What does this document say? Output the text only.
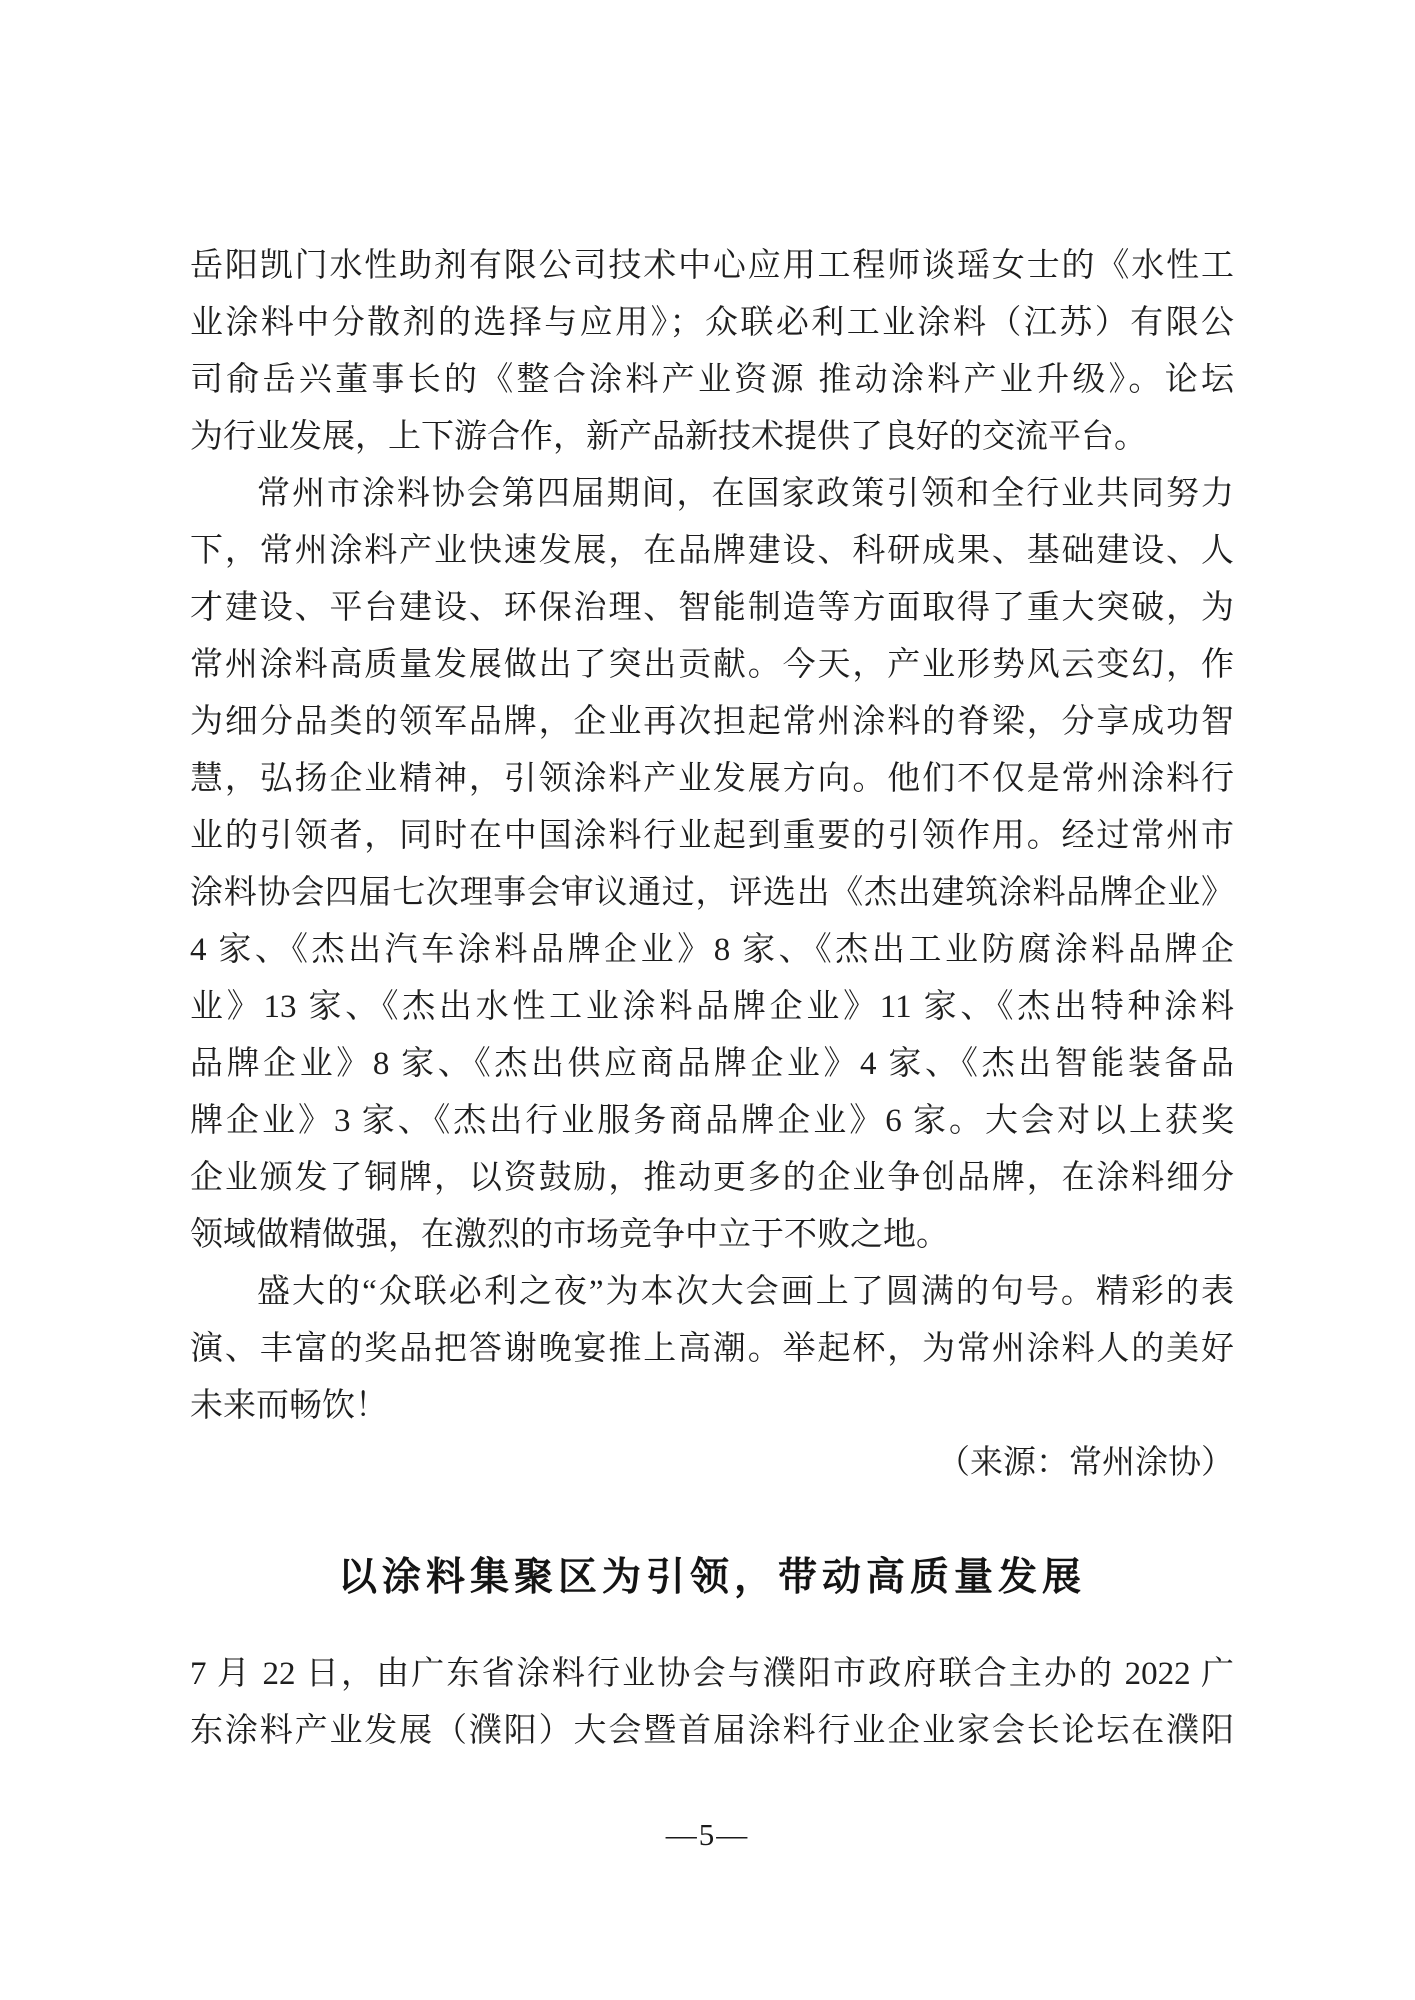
岳阳凯门水性助剂有限公司技术中心应用工程师谈瑶女士的《水性工
业涂料中分散剂的选择与应用》；众联必利工业涂料（江苏）有限公
司俞岳兴董事长的《整合涂料产业资源 推动涂料产业升级》。论坛
为行业发展，上下游合作，新产品新技术提供了良好的交流平台。
常州市涂料协会第四届期间，在国家政策引领和全行业共同努力
下，常州涂料产业快速发展，在品牌建设、科研成果、基础建设、人
才建设、平台建设、环保治理、智能制造等方面取得了重大突破，为
常州涂料高质量发展做出了突出贡献。今天，产业形势风云变幻，作
为细分品类的领军品牌，企业再次担起常州涂料的脊梁，分享成功智
慧，弘扬企业精神，引领涂料产业发展方向。他们不仅是常州涂料行
业的引领者，同时在中国涂料行业起到重要的引领作用。经过常州市
涂料协会四届七次理事会审议通过，评选出《杰出建筑涂料品牌企业》
4 家、《杰出汽车涂料品牌企业》8 家、《杰出工业防腐涂料品牌企
业》13 家、《杰出水性工业涂料品牌企业》11 家、《杰出特种涂料
品牌企业》8 家、《杰出供应商品牌企业》4 家、《杰出智能装备品
牌企业》3 家、《杰出行业服务商品牌企业》6 家。大会对以上获奖
企业颁发了铜牌，以资鼓励，推动更多的企业争创品牌，在涂料细分
领域做精做强，在激烈的市场竞争中立于不败之地。
盛大的“众联必利之夜”为本次大会画上了圆满的句号。精彩的表
演、丰富的奖品把答谢晚宴推上高潮。举起杯，为常州涂料人的美好
未来而畅饮！
（来源：常州涂协）
以涂料集聚区为引领，带动高质量发展
7 月 22 日，由广东省涂料行业协会与濮阳市政府联合主办的 2022 广
东涂料产业发展（濮阳）大会暨首届涂料行业企业家会长论坛在濮阳
—5—
